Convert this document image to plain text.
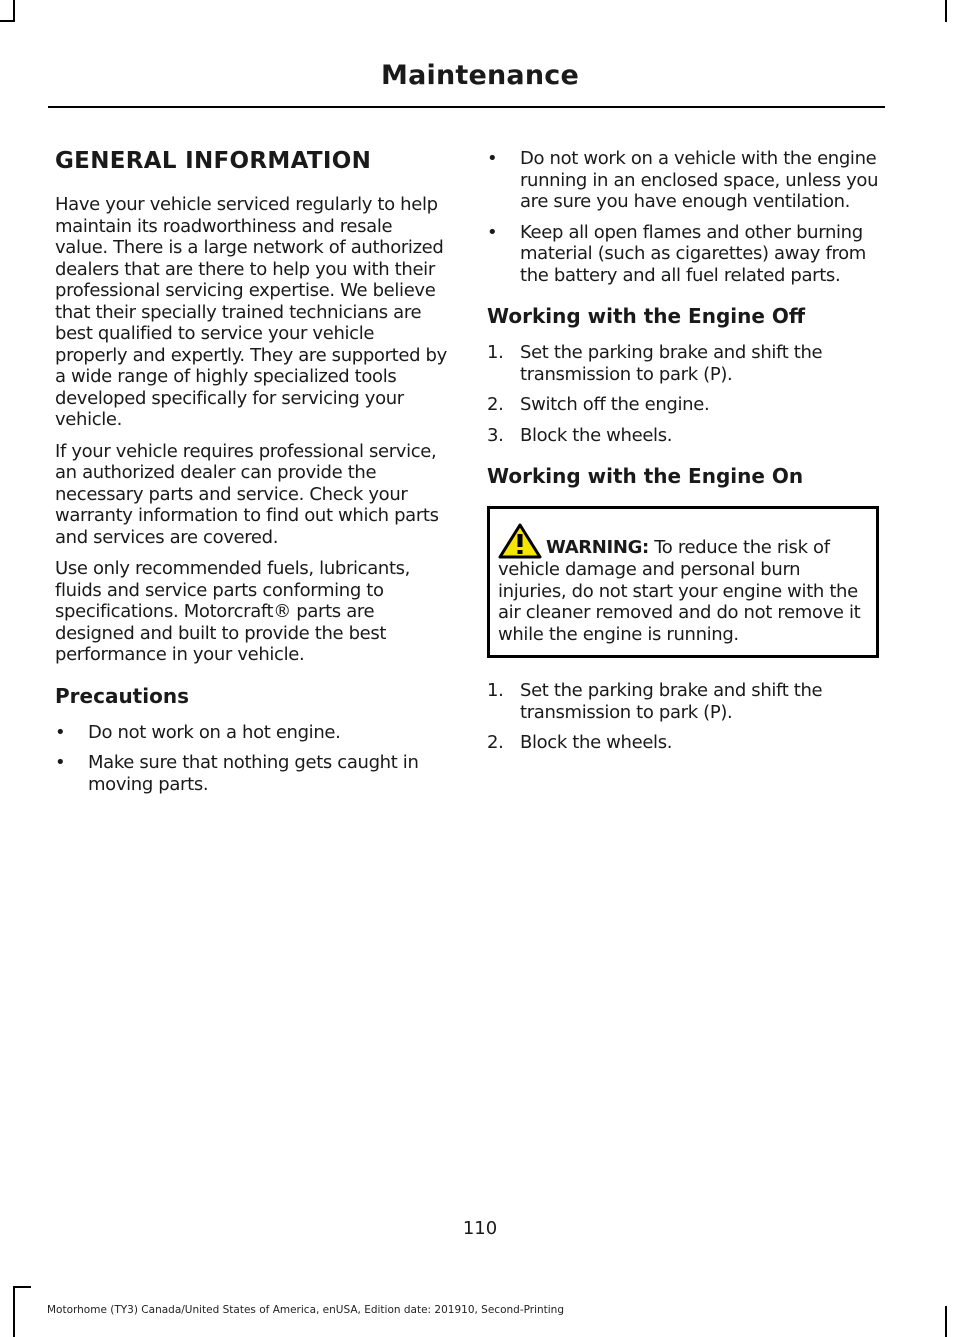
Maintenance
GENERAL INFORMATION

Have your vehicle serviced regularly to help maintain its roadworthiness and resale value. There is a large network of authorized dealers that are there to help you with their professional servicing expertise. We believe that their specially trained technicians are best qualified to service your vehicle properly and expertly. They are supported by a wide range of highly specialized tools developed specifically for servicing your vehicle.

If your vehicle requires professional service, an authorized dealer can provide the necessary parts and service. Check your warranty information to find out which parts and services are covered.

Use only recommended fuels, lubricants, fluids and service parts conforming to specifications. Motorcraft® parts are designed and built to provide the best performance in your vehicle.

Precautions
• Do not work on a hot engine.
• Make sure that nothing gets caught in moving parts.
• Do not work on a vehicle with the engine running in an enclosed space, unless you are sure you have enough ventilation.
• Keep all open flames and other burning material (such as cigarettes) away from the battery and all fuel related parts.
Working with the Engine Off
1. Set the parking brake and shift the transmission to park (P).
2. Switch off the engine.
3. Block the wheels.
Working with the Engine On
WARNING: To reduce the risk of vehicle damage and personal burn injuries, do not start your engine with the air cleaner removed and do not remove it while the engine is running.
1. Set the parking brake and shift the transmission to park (P).
2. Block the wheels.
110
Motorhome (TY3) Canada/United States of America, enUSA, Edition date: 201910, Second-Printing
